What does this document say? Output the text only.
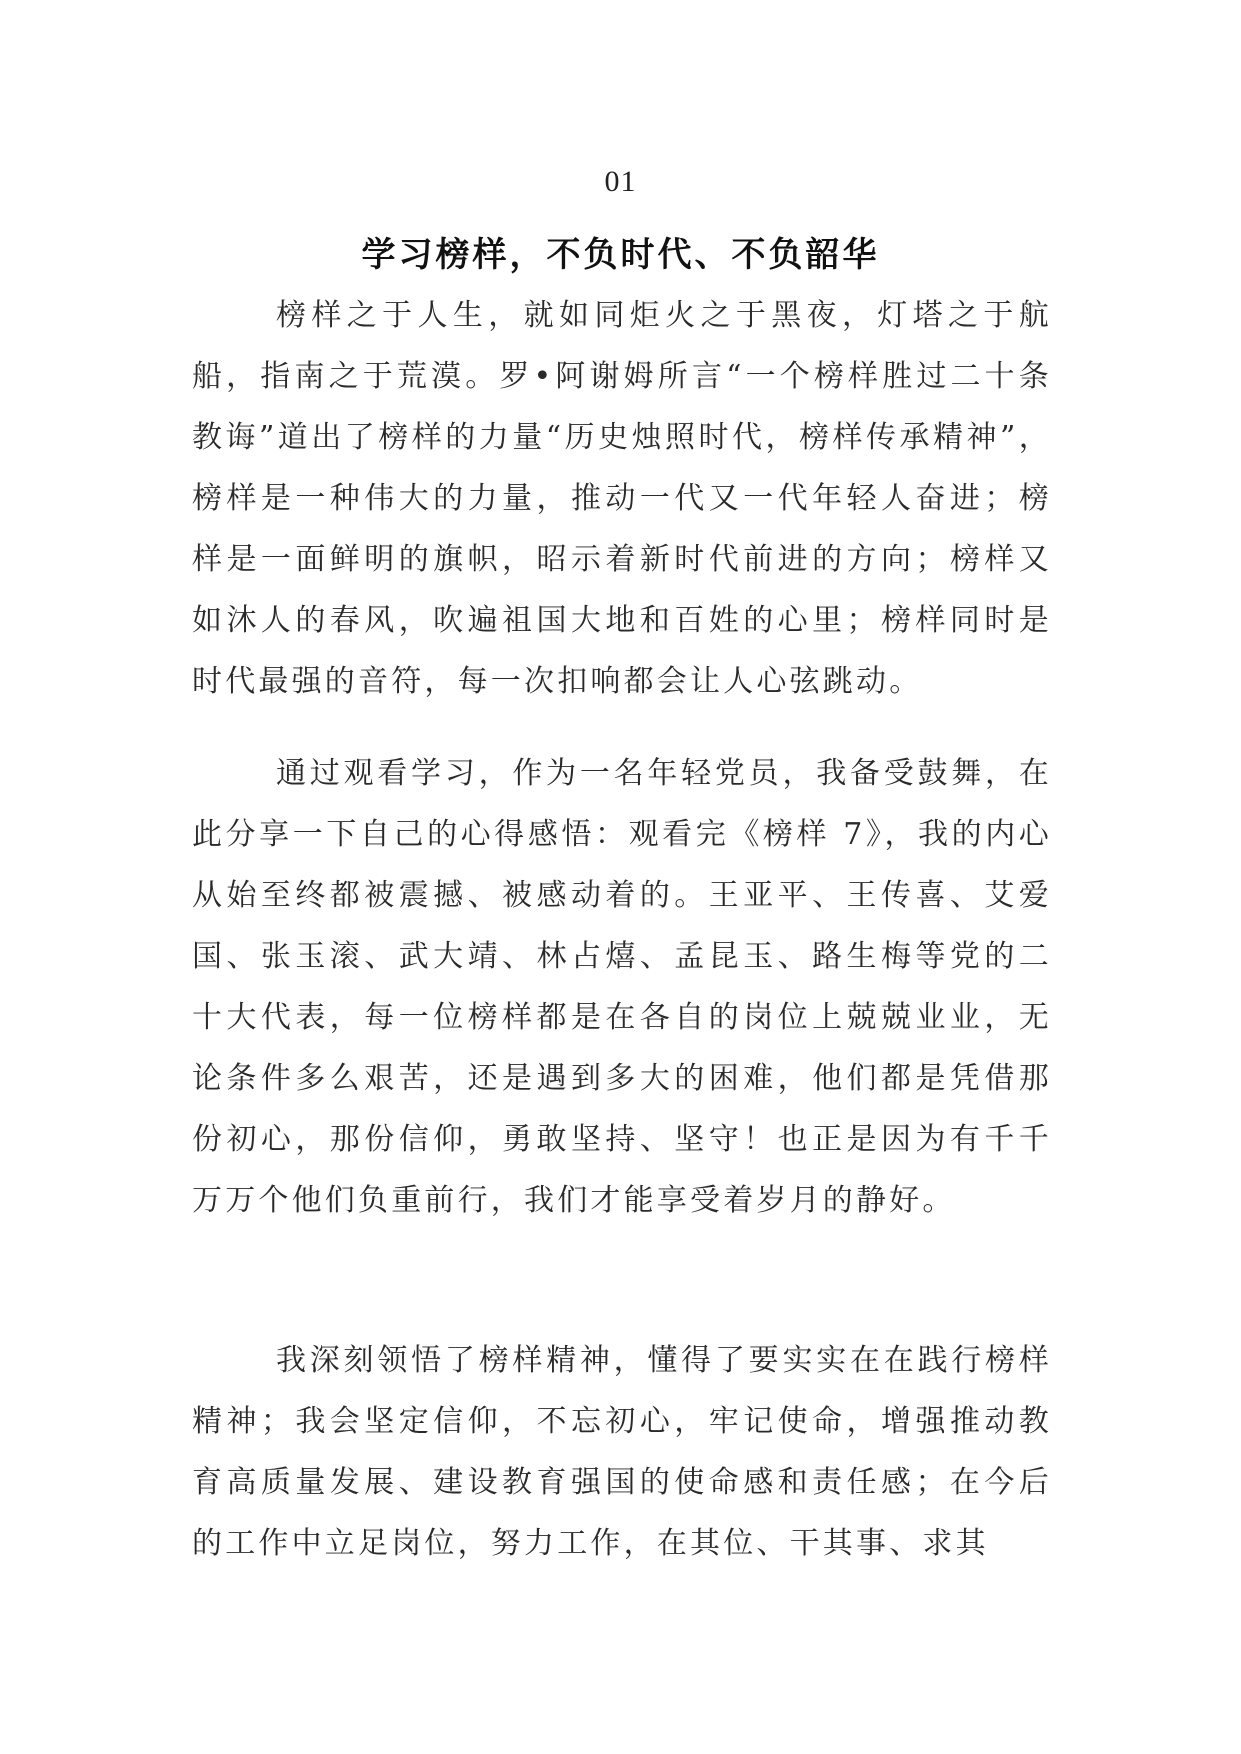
01
学习榜样，不负时代、不负韶华

榜样之于人生，就如同炬火之于黑夜，灯塔之于航船，指南之于荒漠。罗•阿谢姆所言“一个榜样胜过二十条教诲”道出了榜样的力量“历史烛照时代，榜样传承精神”，榜样是一种伟大的力量，推动一代又一代年轻人奋进；榜样是一面鲜明的旗帜，昭示着新时代前进的方向；榜样又如沐人的春风，吹遍祖国大地和百姓的心里；榜样同时是时代最强的音符，每一次扣响都会让人心弦跳动。

通过观看学习，作为一名年轻党员，我备受鼓舞，在此分享一下自己的心得感悟：观看完《榜样 7》，我的内心从始至终都被震撼、被感动着的。王亚平、王传喜、艾爱国、张玉滚、武大靖、林占熺、孟昆玉、路生梅等党的二十大代表，每一位榜样都是在各自的岗位上兢兢业业，无论条件多么艰苦，还是遇到多大的困难，他们都是凭借那份初心，那份信仰，勇敢坚持、坚守！也正是因为有千千万万个他们负重前行，我们才能享受着岁月的静好。

我深刻领悟了榜样精神，懂得了要实实在在践行榜样精神；我会坚定信仰，不忘初心，牢记使命，增强推动教育高质量发展、建设教育强国的使命感和责任感；在今后的工作中立足岗位，努力工作，在其位、干其事、求其
